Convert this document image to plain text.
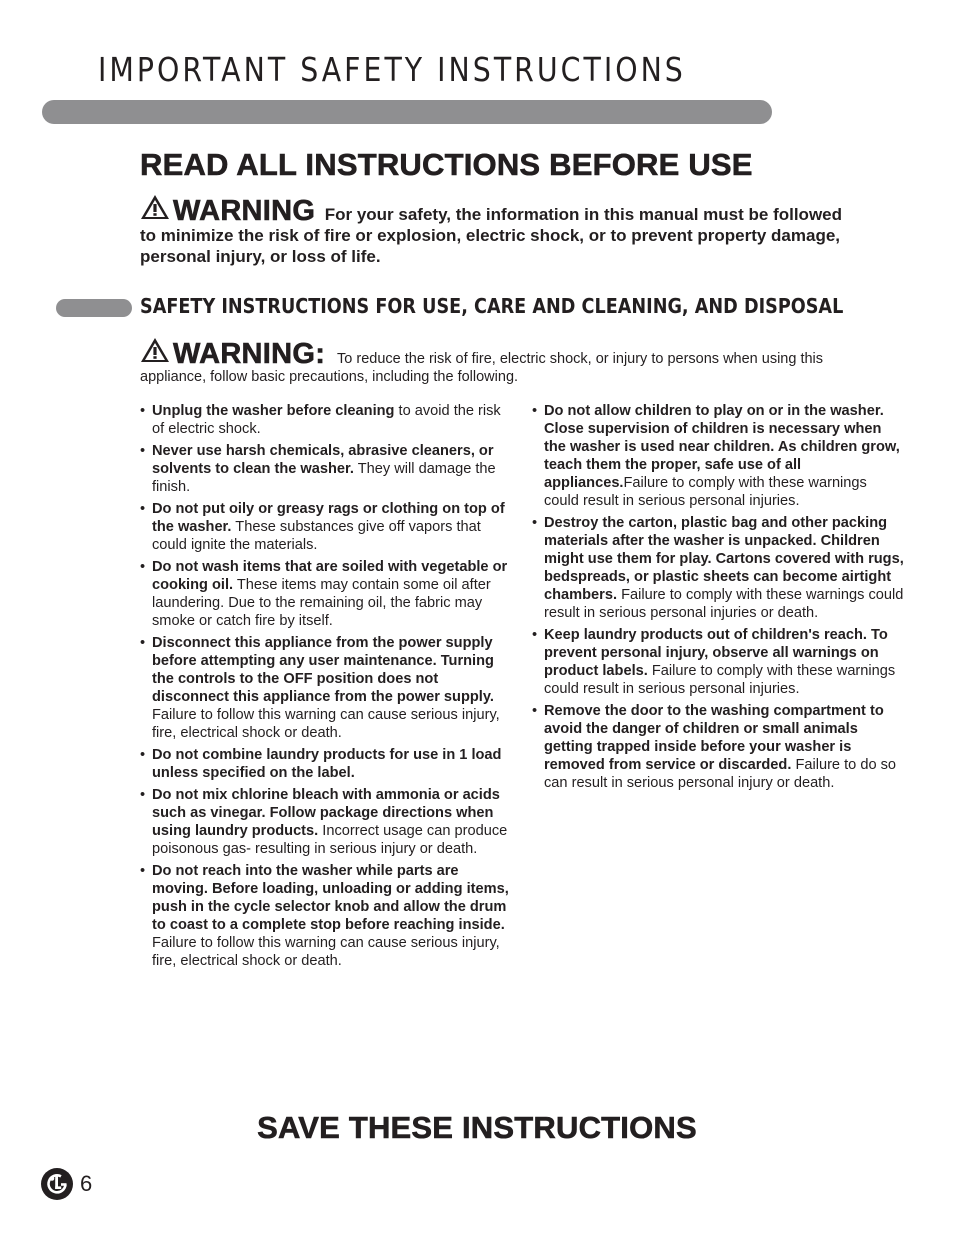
IMPORTANT SAFETY INSTRUCTIONS
READ ALL INSTRUCTIONS BEFORE USE
WARNING For your safety, the information in this manual must be followed to minimize the risk of fire or explosion, electric shock, or to prevent property damage, personal injury, or loss of life.
SAFETY INSTRUCTIONS FOR USE, CARE AND CLEANING, AND DISPOSAL
WARNING: To reduce the risk of fire, electric shock, or injury to persons when using this appliance, follow basic precautions, including the following.
• Unplug the washer before cleaning to avoid the risk of electric shock.
• Never use harsh chemicals, abrasive cleaners, or solvents to clean the washer. They will damage the finish.
• Do not put oily or greasy rags or clothing on top of the washer. These substances give off vapors that could ignite the materials.
• Do not wash items that are soiled with vegetable or cooking oil. These items may contain some oil after laundering. Due to the remaining oil, the fabric may smoke or catch fire by itself.
• Disconnect this appliance from the power supply before attempting any user maintenance. Turning the controls to the OFF position does not disconnect this appliance from the power supply. Failure to follow this warning can cause serious injury, fire, electrical shock or death.
• Do not combine laundry products for use in 1 load unless specified on the label.
• Do not mix chlorine bleach with ammonia or acids such as vinegar. Follow package directions when using laundry products. Incorrect usage can produce poisonous gas- resulting in serious injury or death.
• Do not reach into the washer while parts are moving. Before loading, unloading or adding items, push in the cycle selector knob and allow the drum to coast to a complete stop before reaching inside. Failure to follow this warning can cause serious injury, fire, electrical shock or death.
• Do not allow children to play on or in the washer. Close supervision of children is necessary when the washer is used near children. As children grow, teach them the proper, safe use of all appliances.Failure to comply with these warnings could result in serious personal injuries.
• Destroy the carton, plastic bag and other packing materials after the washer is unpacked. Children might use them for play. Cartons covered with rugs, bedspreads, or plastic sheets can become airtight chambers. Failure to comply with these warnings could result in serious personal injuries or death.
• Keep laundry products out of children's reach. To prevent personal injury, observe all warnings on product labels. Failure to comply with these warnings could result in serious personal injuries.
• Remove the door to the washing compartment to avoid the danger of children or small animals getting trapped inside before your washer is removed from service or discarded. Failure to do so can result in serious personal injury or death.
SAVE THESE INSTRUCTIONS
6
